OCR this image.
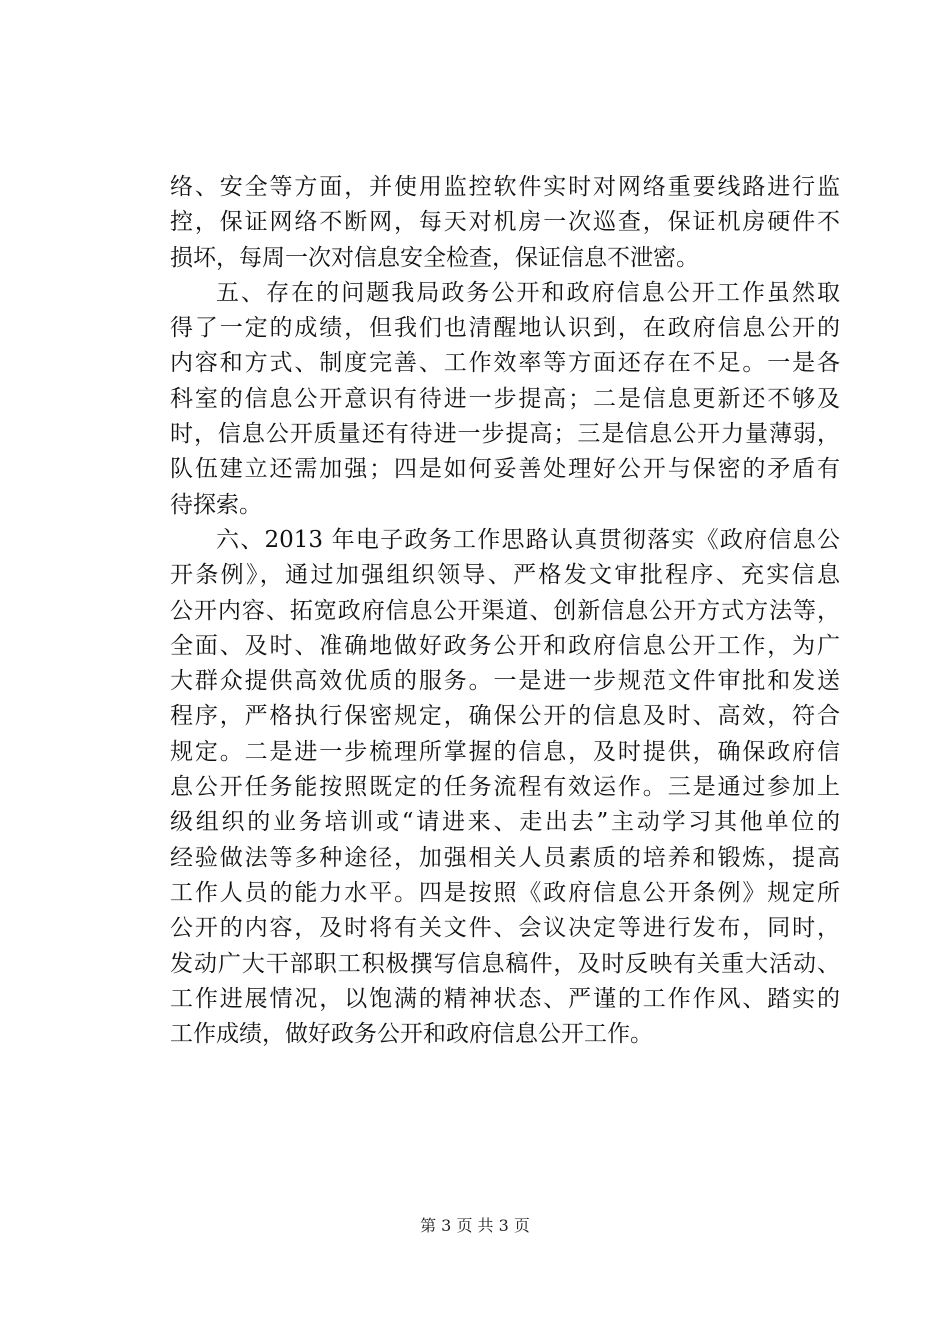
络、安全等方面，并使用监控软件实时对网络重要线路进行监
控，保证网络不断网，每天对机房一次巡查，保证机房硬件不
损坏，每周一次对信息安全检查，保证信息不泄密。
五、存在的问题我局政务公开和政府信息公开工作虽然取
得了一定的成绩，但我们也清醒地认识到，在政府信息公开的
内容和方式、制度完善、工作效率等方面还存在不足。一是各
科室的信息公开意识有待进一步提高；二是信息更新还不够及
时，信息公开质量还有待进一步提高；三是信息公开力量薄弱，
队伍建立还需加强；四是如何妥善处理好公开与保密的矛盾有
待探索。
六、2013 年电子政务工作思路认真贯彻落实《政府信息公
开条例》，通过加强组织领导、严格发文审批程序、充实信息
公开内容、拓宽政府信息公开渠道、创新信息公开方式方法等，
全面、及时、准确地做好政务公开和政府信息公开工作，为广
大群众提供高效优质的服务。一是进一步规范文件审批和发送
程序，严格执行保密规定，确保公开的信息及时、高效，符合
规定。二是进一步梳理所掌握的信息，及时提供，确保政府信
息公开任务能按照既定的任务流程有效运作。三是通过参加上
级组织的业务培训或“请进来、走出去”主动学习其他单位的
经验做法等多种途径，加强相关人员素质的培养和锻炼，提高
工作人员的能力水平。四是按照《政府信息公开条例》规定所
公开的内容，及时将有关文件、会议决定等进行发布，同时，
发动广大干部职工积极撰写信息稿件，及时反映有关重大活动、
工作进展情况，以饱满的精神状态、严谨的工作作风、踏实的
工作成绩，做好政务公开和政府信息公开工作。
第 3 页 共 3 页
